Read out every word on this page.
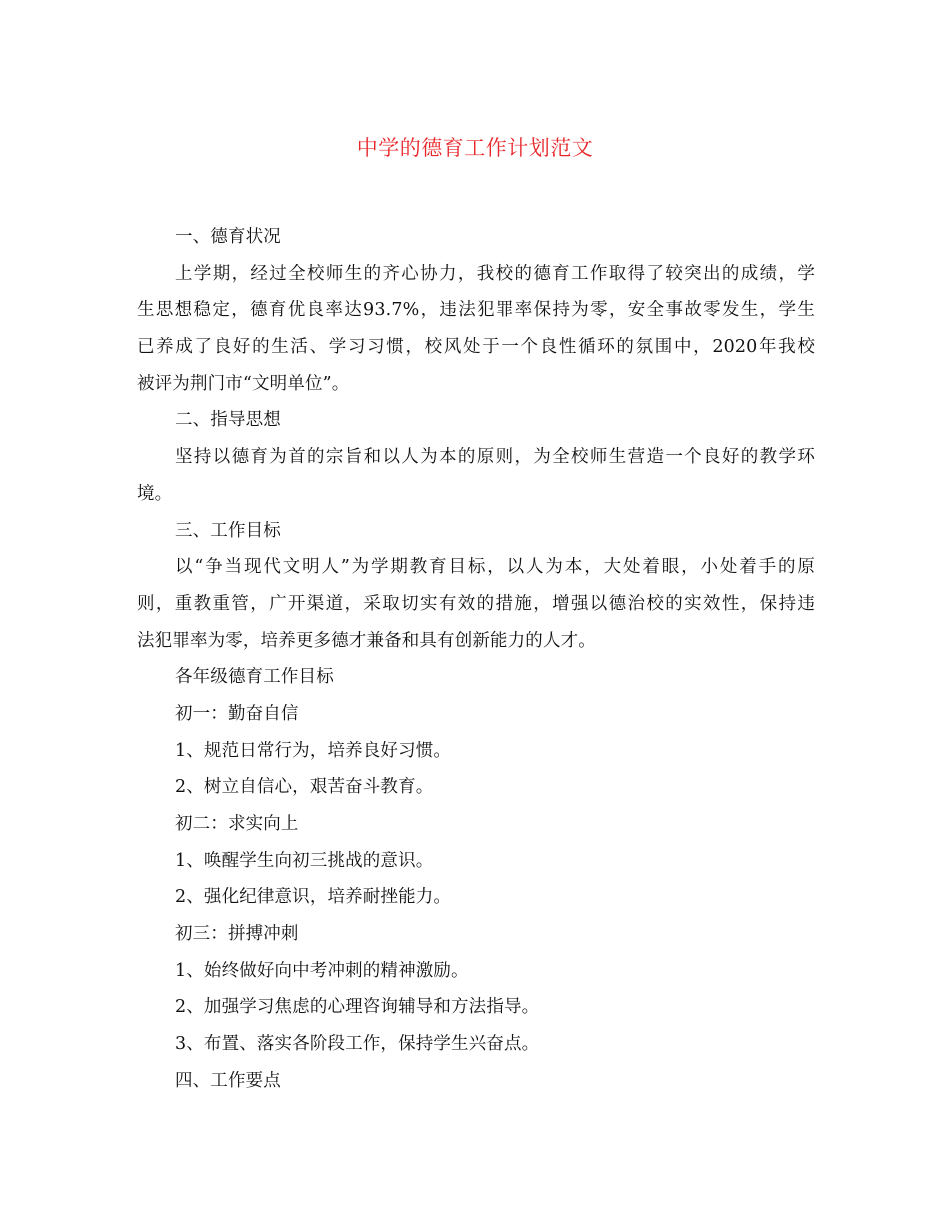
中学的德育工作计划范文
一、德育状况
上学期，经过全校师生的齐心协力，我校的德育工作取得了较突出的成绩，学
生思想稳定，德育优良率达93.7%，违法犯罪率保持为零，安全事故零发生，学生
已养成了良好的生活、学习习惯，校风处于一个良性循环的氛围中，2020年我校
被评为荆门市“文明单位”。
二、指导思想
坚持以德育为首的宗旨和以人为本的原则，为全校师生营造一个良好的教学环
境。
三、工作目标
以“争当现代文明人”为学期教育目标，以人为本，大处着眼，小处着手的原
则，重教重管，广开渠道，采取切实有效的措施，增强以德治校的实效性，保持违
法犯罪率为零，培养更多德才兼备和具有创新能力的人才。
各年级德育工作目标
初一：勤奋自信
1、规范日常行为，培养良好习惯。
2、树立自信心，艰苦奋斗教育。
初二：求实向上
1、唤醒学生向初三挑战的意识。
2、强化纪律意识，培养耐挫能力。
初三：拼搏冲刺
1、始终做好向中考冲刺的精神激励。
2、加强学习焦虑的心理咨询辅导和方法指导。
3、布置、落实各阶段工作，保持学生兴奋点。
四、工作要点
